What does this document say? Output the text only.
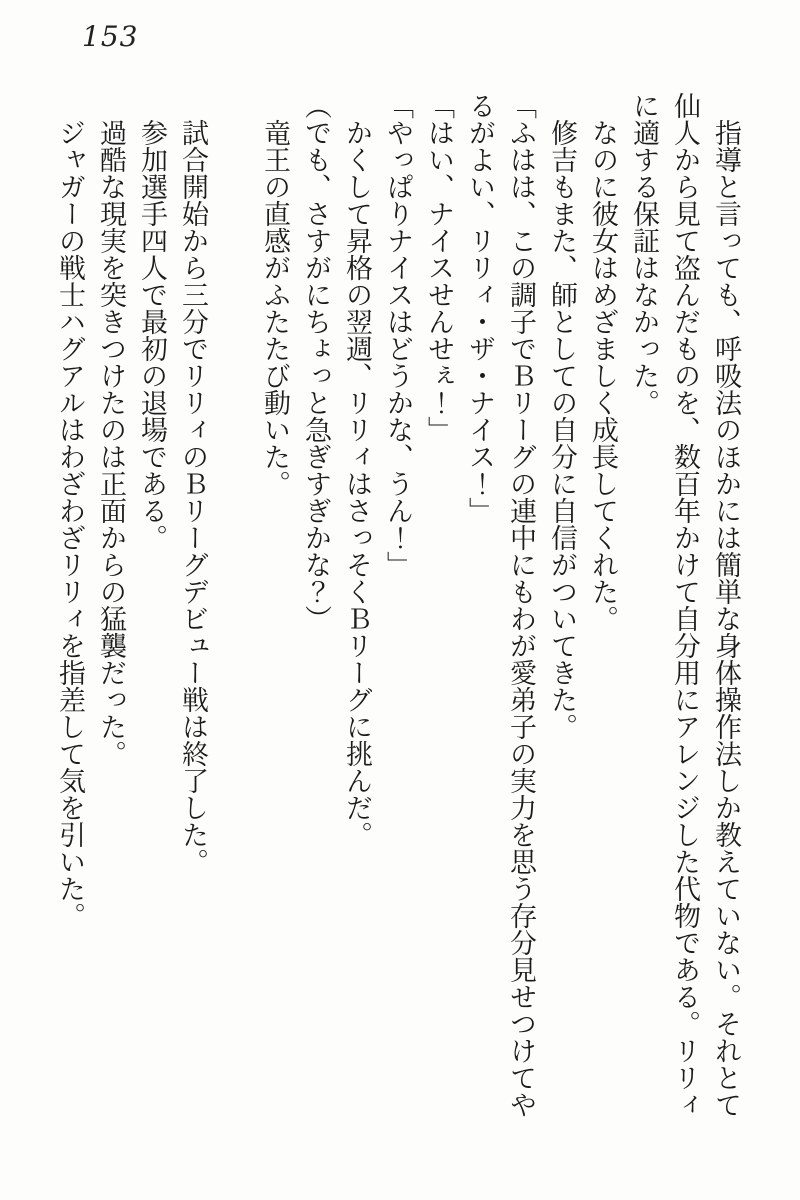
153

指導と言っても、呼吸法のほかには簡単な身体操作法しか教えていない。それとて仙人から見て盗んだものを、数百年かけて自分用にアレンジした代物である。リリィに適する保証はなかった。

なのに彼女はめざましく成長してくれた。

修吉もまた、師としての自分に自信がついてきた。

「ふはは、この調子でＢリーグの連中にもわが愛弟子の実力を思う存分見せつけてやるがよい、リリィ・ザ・ナイス！」

「はい、ナイスせんせぇ！」

「やっぱりナイスはどうかな、うん！」

かくして昇格の翌週、リリィはさっそくＢリーグに挑んだ。

（でも、さすがにちょっと急ぎすぎかな？）

竜王の直感がふたたび動いた。

試合開始から三分でリリィのＢリーグデビュー戦は終了した。

参加選手四人で最初の退場である。

過酷な現実を突きつけたのは正面からの猛襲だった。

ジャガーの戦士ハグアルはわざわざリリィを指差して気を引いた。
